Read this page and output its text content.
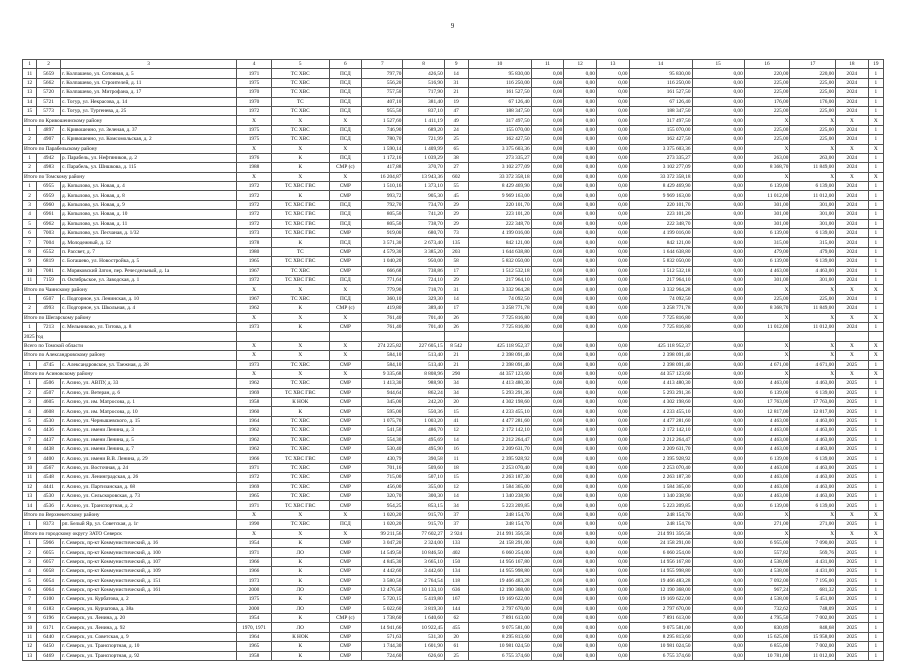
9
1	2	3	4	5	6	7	8	9	10	11	12	13	14	15	16	17	18	19
11	5659	г. Колпашево, ул. Сотовная, д. 5	1971	ТС ХВС	ПСД	797,70	426,50	14	95 830,00	0,00	0,00	0,00	95 830,00	0,00	220,00	220,00	2024	1
12	5662	г. Колпашево, ул. Строителей, д. 11	1975	ТС ХВС	ПСД	556,20	516,90	31	116 250,00	0,00	0,00	0,00	116 250,00	0,00	225,00	225,00	2024	1
13	5720	г. Колпашево, ул. Митрофана, д. 17	1970	ТС ХВС	ПСД	757,50	717,90	21	161 527,50	0,00	0,00	0,00	161 527,50	0,00	225,00	225,00	2024	1
14	5721	с. Тогур, ул. Некрасова, д. 14	1970	ТС	ПСД	407,10	381,40	19	67 126,40	0,00	0,00	0,00	67 126,40	0,00	176,00	176,00	2024	1
15	5773	с. Тогур, ул. Тургенева, д. 25	1972	ТС ХВС	ПСД	955,50	837,10	47	188 347,50	0,00	0,00	0,00	188 347,50	0,00	225,00	225,00	2024	1
Итого по Кривошеинскому району			X	X	X	1 527,60	1 411,19	49	317 497,50	0,00	0,00	0,00	317 497,50	0,00	X	X	X	X
1	4897	с. Кривошеино, ул. Зеленая, д. 37	1975	ТС ХВС	ПСД	746,90	689,20	24	155 070,00	0,00	0,00	0,00	155 070,00	0,00	225,00	225,00	2024	1
2	4907	с. Кривошеино, ул. Комсомольская, д. 2	1975	ТС ХВС	ПСД	780,70	721,99	25	162 427,50	0,00	0,00	0,00	162 427,50	0,00	225,00	225,00	2024	1
Итого по Парабельскому району			X	X	X	1 590,14	1 409,99	65	3 375 603,36	0,00	0,00	0,00	3 375 603,36	0,00	X	X	X	X
1	4942	р. Парабель, ул. Нефтяников, д. 2	1976	К	ПСД	1 172,16	1 039,29	38	273 335,27	0,00	0,00	0,00	273 335,27	0,00	263,00	263,00	2024	1
2	4983	с. Парабель, ул. Шишкова, д. 115	1988	К	СМР (с)	417,88	370,70	27	3 102 277,09	0,00	0,00	0,00	3 102 277,09	0,00	8 368,70	11 849,00	2024	1
Итого по Томскому району			X	X	X	16 204,87	13 943,36	602	33 372 358,18	0,00	0,00	0,00	33 372 358,18	0,00	X	X	X	X
1	6955	д. Копылово, ул. Новая, д. 4	1972	ТС ХВС ГВС	СМР	1 510,16	1 373,10	55	8 429 469,90	0,00	0,00	0,00	8 429 469,90	0,00	6 139,00	6 139,00	2024	1
2	6959	д. Копылово, ул. Новая, д. 8	1972	К	СМР	993,72	905,30	45	9 969 163,00	0,00	0,00	0,00	9 969 163,00	0,00	11 012,00	11 012,00	2024	1
3	6960	д. Копылово, ул. Новая, д. 9	1972	ТС ХВС ГВС	ПСД	792,70	734,70	29	220 101,70	0,00	0,00	0,00	220 101,70	0,00	301,00	301,00	2024	1
4	6961	д. Копылово, ул. Новая, д. 10	1972	ТС ХВС ГВС	ПСД	805,50	741,20	29	223 101,20	0,00	0,00	0,00	223 101,20	0,00	301,00	301,00	2024	1
5	6962	д. Копылово, ул. Новая, д. 11	1972	ТС ХВС ГВС	ПСД	805,50	738,70	29	222 348,70	0,00	0,00	0,00	222 348,70	0,00	301,00	301,00	2024	1
6	7003	д. Копылово, ул. Песчаная, д. 1/32	1973	ТС ХВС ГВС	СМР	919,00	680,70	73	4 199 016,00	0,00	0,00	0,00	4 199 016,00	0,00	6 139,00	6 139,00	2024	1
7	7004	д. Молодежный, д. 12	1978	К	ПСД	3 571,30	2 673,40	135	842 121,00	0,00	0,00	0,00	842 121,00	0,00	315,00	315,00	2024	1
8	6552	п. Рассвет, д. 7	1980	ТС	СМР	4 579,30	3 385,20	203	1 644 638,80	0,00	0,00	0,00	1 644 638,80	0,00	479,00	479,00	2024	1
9	6819	с. Богашево, ул. Новостройка, д. 5	1965	ТС ХВС ГВС	СМР	1 040,20	950,00	58	5 832 050,00	0,00	0,00	0,00	5 832 050,00	0,00	6 139,00	6 139,00	2024	1
10	7081	с. Моряковский Затон, пер. Речесдельный, д. 1а	1967	ТС ХВС	СМР	666,68	738,86	17	1 512 532,18	0,00	0,00	0,00	1 512 532,18	0,00	4 463,00	4 463,00	2024	1
11	7159	п. Октябрьское, ул. Заводская, д. 1	1972	ТС ХВС ГВС	ПСД	771,64	724,10	29	217 964,10	0,00	0,00	0,00	217 964,10	0,00	301,00	301,00	2024	1
Итого по Чаинскому району			X	X	X	779,90	718,70	31	3 332 964,28	0,00	0,00	0,00	3 332 964,28	0,00	X	X	X	X
1	6507	с. Подгорное, ул. Ленинская, д. 10	1967	ТС ХВС	ПСД	360,10	329,30	14	74 092,50	0,00	0,00	0,00	74 092,50	0,00	225,00	225,00	2024	1
2	4993	с. Подгорное, ул. Школьная, д. 4	1962	К	СМР (с)	419,80	389,40	17	3 258 771,78	0,00	0,00	0,00	3 258 771,78	0,00	8 368,70	11 849,00	2024	1
Итого по Шегарскому району			X	X	X	761,40	701,40	26	7 725 816,80	0,00	0,00	0,00	7 725 816,80	0,00	X	X	X	X
1	7213	с. Мельниково, ул. Титова, д. 8	1973	К	СМР	761,40	701,40	26	7 725 816,80	0,00	0,00	0,00	7 725 816,80	0,00	11 012,00	11 012,00	2024	1
2025 год																		
Всего по Томской области			X	X	X	274 225,82	227 605,15	8 542	425 118 952,37	0,00	0,00	0,00	425 118 952,37	0,00	X	X	X	X
Итого по Александровскому району			X	X	X	584,10	513,40	21	2 398 091,40	0,00	0,00	0,00	2 398 091,40	0,00	X	X	X	X
1	4745	с. Александровское, ул. Таежная, д. 28	1973	ТС ХВС	СМР	584,10	513,40	21	2 398 091,40	0,00	0,00	0,00	2 398 091,40	0,00	4 671,00	4 671,00	2025	1
Итого по Асиновскому району			X	X	X	9 335,68	8 808,96	290	44 357 123,60	0,00	0,00	0,00	44 357 123,60	0,00	X	X	X	X
1	4506	г. Асино, ул. АВПУ, д. 33	1962	ТС ХВС	СМР	1 413,30	988,90	34	4 413 480,30	0,00	0,00	0,00	4 413 480,30	0,00	4 463,00	4 463,00	2025	1
2	4507	г. Асино, ул. Ветеран, д. 6	1969	ТС ХВС ГВС	СМР	944,64	862,24	34	5 293 291,36	0,00	0,00	0,00	5 293 291,36	0,00	6 139,00	6 139,00	2025	1
3	4605	г. Асино, ул. им. Матросова, д. 1	1958	К НОК	СМР	345,00	242,20	20	4 302 198,60	0,00	0,00	0,00	4 302 198,60	0,00	17 763,00	17 763,00	2025	1
4	4608	г. Асино, ул. им. Матросова, д. 10	1960	К	СМР	595,00	550,36	15	4 233 455,10	0,00	0,00	0,00	4 233 455,10	0,00	12 817,00	12 817,00	2025	1
5	4530	г. Асино, ул. Чернышевского, д. 15	1964	ТС ХВС	СМР	1 075,70	1 003,20	41	4 477 281,60	0,00	0,00	0,00	4 477 281,60	0,00	4 463,00	4 463,00	2025	1
6	4436	г. Асино, ул. имени Ленина, д. 3	1962	ТС ХВС	СМР	541,50	486,70	12	2 172 142,10	0,00	0,00	0,00	2 172 142,10	0,00	4 463,00	4 463,00	2025	1
7	4437	г. Асино, ул. имени Ленина, д. 5	1962	ТС ХВС	СМР	554,30	495,69	14	2 212 264,47	0,00	0,00	0,00	2 212 264,47	0,00	4 463,00	4 463,00	2025	1
8	4438	г. Асино, ул. имени Ленина, д. 7	1962	ТС ХВС	СМР	530,40	495,90	16	2 209 631,70	0,00	0,00	0,00	2 209 631,70	0,00	4 463,00	4 463,00	2025	1
9	4400	г. Асино, ул. имени В.В. Ленина, д. 29	1966	ТС ХВС ГВС	СМР	430,79	390,58	11	2 395 928,92	0,00	0,00	0,00	2 395 928,92	0,00	6 139,00	6 139,00	2025	1
10	4567	г. Асино, ул. Восточная, д. 24	1971	ТС ХВС	СМР	701,16	509,60	18	2 253 070,40	0,00	0,00	0,00	2 253 070,40	0,00	4 463,00	4 463,00	2025	1
11	4548	г. Асино, ул. Ленинградская, д. 26	1972	ТС ХВС	СМР	715,00	507,10	15	2 263 187,30	0,00	0,00	0,00	2 263 187,30	0,00	4 463,00	4 463,00	2025	1
12	4441	г. Асино, ул. Партизанская, д. 68	1969	ТС ХВС	СМР	456,00	355,00	12	1 584 365,00	0,00	0,00	0,00	1 584 365,00	0,00	4 463,00	4 463,00	2025	1
13	4530	г. Асино, ул. Сельскоровская, д. 73	1965	ТС ХВС	СМР	320,70	300,30	14	1 340 238,90	0,00	0,00	0,00	1 340 238,90	0,00	4 463,00	4 463,00	2025	1
14	4536	г. Асино, ул. Транспортная, д. 2	1971	ТС ХВС ГВС	СМР	954,25	853,15	34	5 223 209,85	0,00	0,00	0,00	5 223 209,85	0,00	6 139,00	6 139,00	2025	1
Итого по Верхнекетскому району			X	X	X	1 020,20	915,70	37	248 154,70	0,00	0,00	0,00	248 154,70	0,00	X	X	X	X
1	8373	рп. Белый Яр, ул. Советская, д. 1г	1990	ТС ХВС	ПСД	1 020,20	915,70	37	248 154,70	0,00	0,00	0,00	248 154,70	0,00	271,00	271,00	2025	1
Итого по городскому округу ЗАТО Северск			X	X	X	99 211,56	77 602,27	2 924	214 991 356,58	0,00	0,00	0,00	214 991 356,58	0,00	X	X	X	X
1	5966	г. Северск, пр-кт Коммунистический, д. 16	1954	К	СМР	3 047,20	2 324,00	133	24 158 291,00	0,00	0,00	0,00	24 158 291,00	0,00	6 955,00	7 090,00	2025	1
2	6055	г. Северск, пр-кт Коммунистический, д. 100	1971	ЛО	СМР	14 549,50	10 846,50	402	6 060 254,00	0,00	0,00	0,00	6 060 254,00	0,00	557,82	569,76	2025	1
3	6057	г. Северск, пр-кт Коммунистический, д. 107	1966	К	СМР	4 845,30	3 665,10	150	14 956 167,80	0,00	0,00	0,00	14 956 167,80	0,00	4 538,00	4 431,00	2025	1
4	6058	г. Северск, пр-кт Коммунистический, д. 109	1966	К	СМР	4 442,60	3 442,60	134	14 955 998,80	0,00	0,00	0,00	14 955 998,80	0,00	4 538,00	4 431,00	2025	1
5	6054	г. Северск, пр-кт Коммунистический, д. 151	1973	К	СМР	3 580,50	2 764,54	118	19 466 483,28	0,00	0,00	0,00	19 466 483,28	0,00	7 092,00	7 195,00	2025	1
6	6064	г. Северск, пр-кт Коммунистический, д. 161	2000	ЛО	СМР	12 476,50	10 133,10	636	12 190 368,00	0,00	0,00	0,00	12 190 368,00	0,00	967,24	681,32	2025	1
7	6100	г. Северск, ул. Курбатова, д. 2	1975	К	СМР	5 720,15	5 419,80	167	19 169 622,00	0,00	0,00	0,00	19 169 622,00	0,00	4 538,00	5 451,00	2025	1
8	6183	г. Северск, ул. Курчатова, д. 38а	2000	ЛО	СМР	5 022,60	3 819,30	144	2 797 670,00	0,00	0,00	0,00	2 797 670,00	0,00	732,62	748,09	2025	1
9	6196	г. Северск, ул. Ленина, д. 20	1954	К	СМР (с)	1 738,60	1 640,60	62	7 891 613,00	0,00	0,00	0,00	7 891 613,00	0,00	4 795,50	7 002,00	2025	1
10	6171	г. Северск, ул. Ленина, д. 92	1970, 1971	ЛО	СМР	14 941,66	10 922,45	455	9 075 581,00	0,00	0,00	0,00	9 075 581,00	0,00	830,89	848,68	2025	1
11	6440	г. Северск, ул. Советская, д. 9	1964	К НОК	СМР	571,63	531,30	20	8 295 813,60	0,00	0,00	0,00	8 295 813,60	0,00	15 625,00	15 958,00	2025	1
12	6450	г. Северск, ул. Транспортная, д. 10	1965	К	СМР	1 744,30	1 601,90	61	10 981 024,50	0,00	0,00	0,00	10 981 024,50	0,00	6 855,00	7 002,00	2025	1
13	6469	г. Северск, ул. Транспортная, д. 92	1958	К	СМР	724,60	626,60	25	6 755 374,60	0,00	0,00	0,00	6 755 374,60	0,00	10 781,00	11 012,00	2025	1
